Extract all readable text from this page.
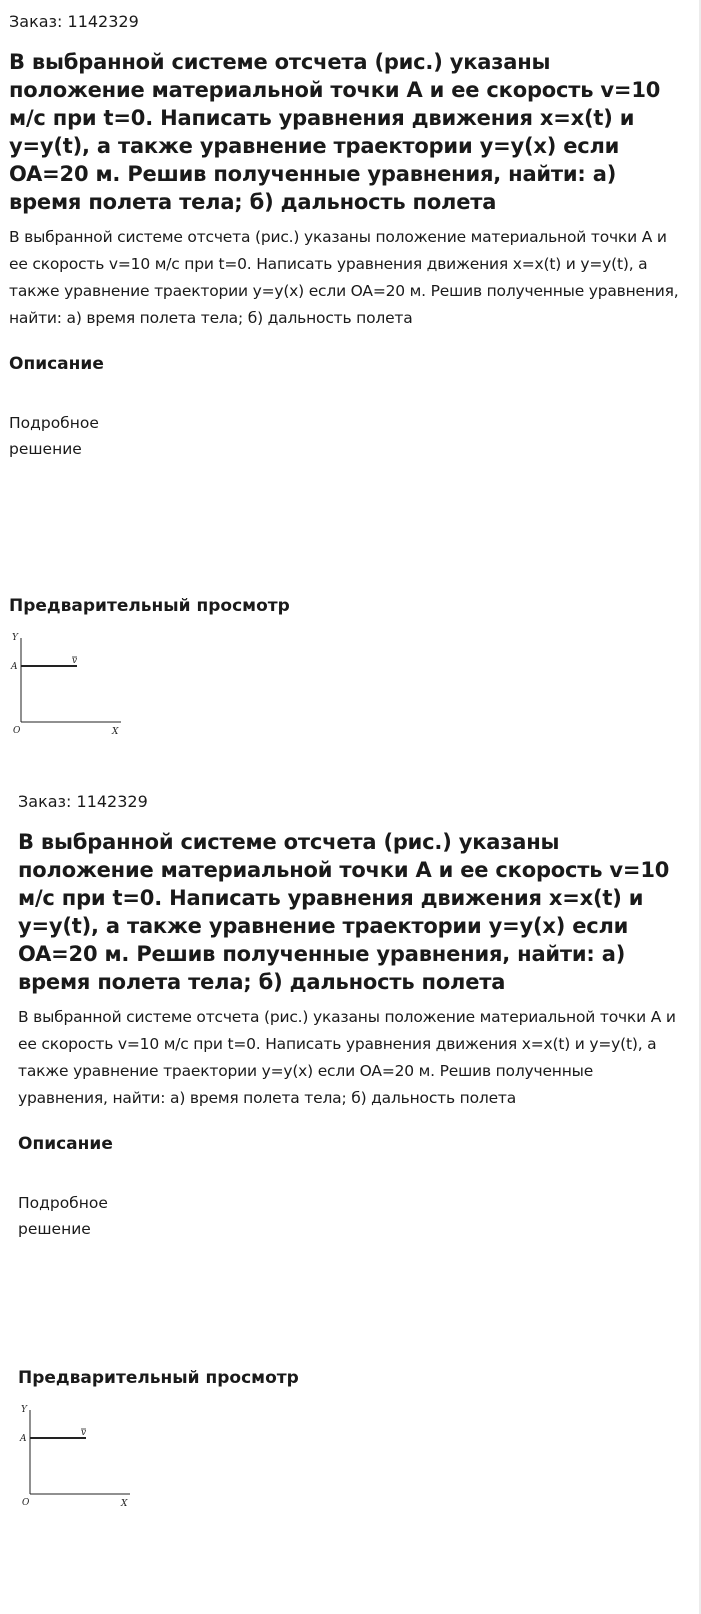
Заказ: 1142329

В выбранной системе отсчета (рис.) указаны положение материальной точки А и ее скорость v=10 м/с при t=0. Написать уравнения движения x=x(t) и y=y(t), а также уравнение траектории y=y(x) если OA=20 м. Решив полученные уравнения, найти: а) время полета тела; б) дальность полета

В выбранной системе отсчета (рис.) указаны положение материальной точки А и ее скорость v=10 м/с при t=0. Написать уравнения движения x=x(t) и y=y(t), а также уравнение траектории y=y(x) если OA=20 м. Решив полученные уравнения, найти: а) время полета тела; б) дальность полета

Описание

Подробное решение

Предварительный просмотр
Y
A
v
O	X

Заказ: 1142329

В выбранной системе отсчета (рис.) указаны положение материальной точки А и ее скорость v=10 м/с при t=0. Написать уравнения движения x=x(t) и y=y(t), а также уравнение траектории y=y(x) если OA=20 м. Решив полученные уравнения, найти: а) время полета тела; б) дальность полета

В выбранной системе отсчета (рис.) указаны положение материальной точки А и ее скорость v=10 м/с при t=0. Написать уравнения движения x=x(t) и y=y(t), а также уравнение траектории y=y(x) если OA=20 м. Решив полученные уравнения, найти: а) время полета тела; б) дальность полета

Описание

Подробное решение

Предварительный просмотр
Y
A
v
O	X
